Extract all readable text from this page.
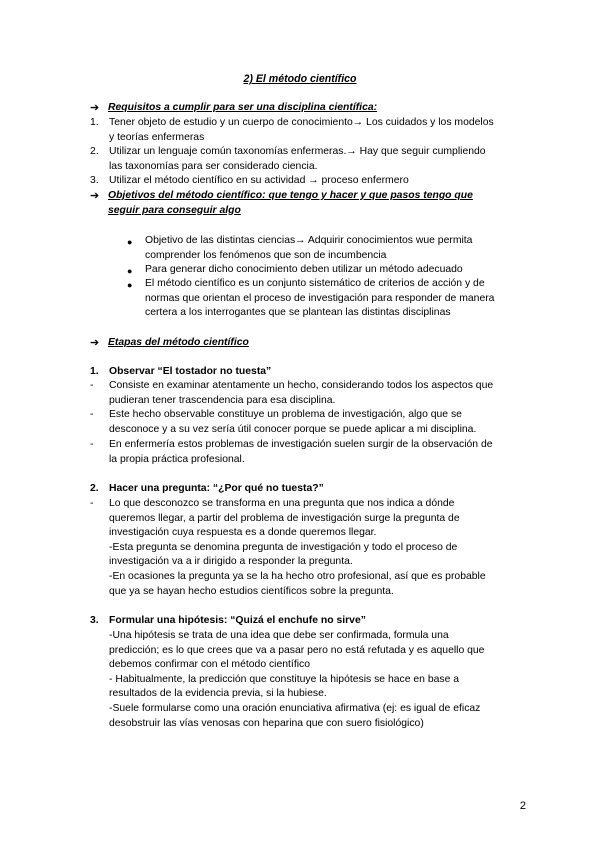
2) El método científico
➔ Requisitos a cumplir para ser una disciplina científica:
1. Tener objeto de estudio y un cuerpo de conocimiento→ Los cuidados y los modelos
y teorías enfermeras
2. Utilizar un lenguaje común taxonomías enfermeras.→ Hay que seguir cumpliendo
las taxonomías para ser considerado ciencia.
3. Utilizar el método científico en su actividad → proceso enfermero
➔ Objetivos del método científico: que tengo y hacer y que pasos tengo que
seguir para conseguir algo
● Objetivo de las distintas ciencias→ Adquirir conocimientos wue permita
comprender los fenómenos que son de incumbencia
● Para generar dicho conocimiento deben utilizar un método adecuado
● El método científico es un conjunto sistemático de criterios de acción y de
normas que orientan el proceso de investigación para responder de manera
certera a los interrogantes que se plantean las distintas disciplinas
➔ Etapas del método científico
1. Observar “El tostador no tuesta”
- Consiste en examinar atentamente un hecho, considerando todos los aspectos que
pudieran tener trascendencia para esa disciplina.
- Este hecho observable constituye un problema de investigación, algo que se
desconoce y a su vez sería útil conocer porque se puede aplicar a mi disciplina.
- En enfermería estos problemas de investigación suelen surgir de la observación de
la propia práctica profesional.
2. Hacer una pregunta: “¿Por qué no tuesta?”
- Lo que desconozco se transforma en una pregunta que nos indica a dónde
queremos llegar, a partir del problema de investigación surge la pregunta de
investigación cuya respuesta es a donde queremos llegar.
-Esta pregunta se denomina pregunta de investigación y todo el proceso de
investigación va a ir dirigido a responder la pregunta.
-En ocasiones la pregunta ya se la ha hecho otro profesional, así que es probable
que ya se hayan hecho estudios científicos sobre la pregunta.
3. Formular una hipótesis: “Quizá el enchufe no sirve”
-Una hipótesis se trata de una idea que debe ser confirmada, formula una
predicción; es lo que crees que va a pasar pero no está refutada y es aquello que
debemos confirmar con el método científico
- Habitualmente, la predicción que constituye la hipótesis se hace en base a
resultados de la evidencia previa, si la hubiese.
-Suele formularse como una oración enunciativa afirmativa (ej: es igual de eficaz
desobstruir las vías venosas con heparina que con suero fisiológico)
2
